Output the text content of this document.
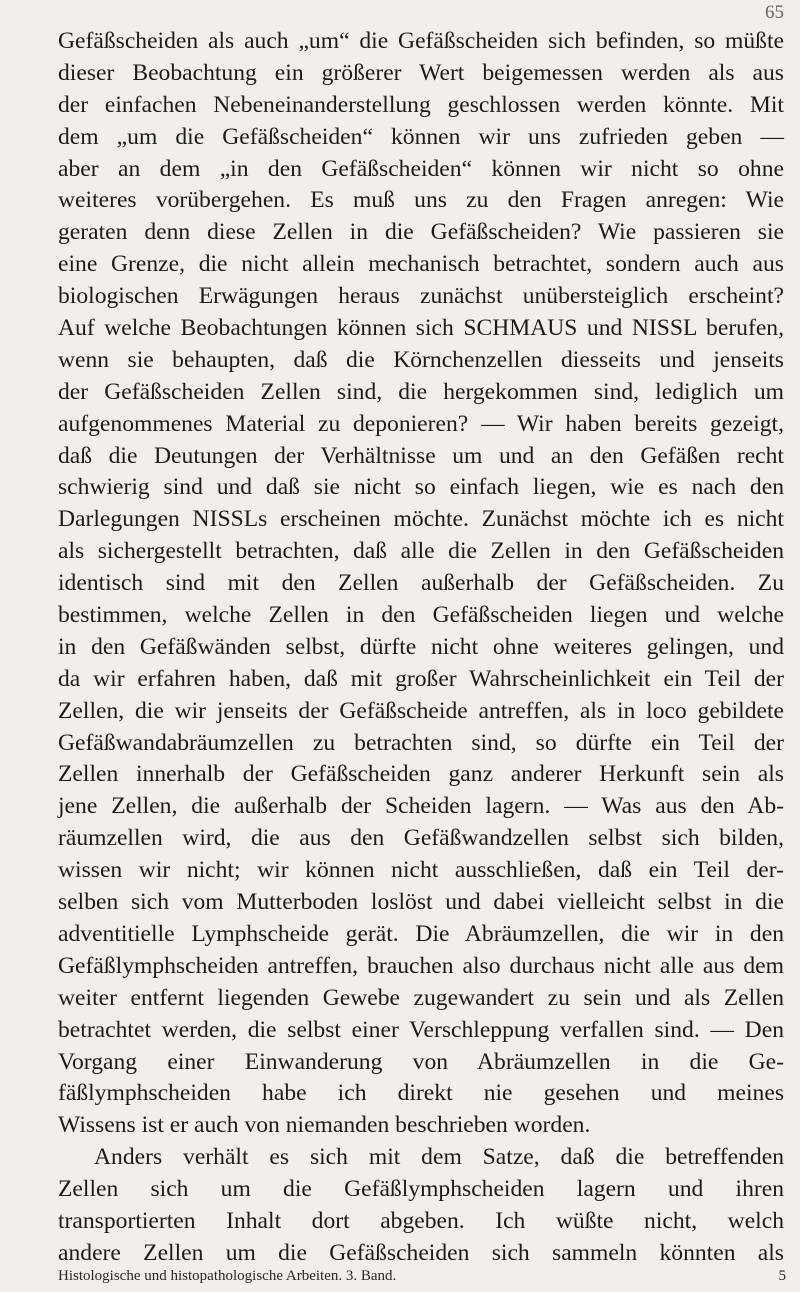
65
Gefäßscheiden als auch „um“ die Gefäßscheiden sich befinden, so müßte
dieser Beobachtung ein größerer Wert beigemessen werden als aus
der einfachen Nebeneinanderstellung geschlossen werden könnte. Mit
dem „um die Gefäßscheiden“ können wir uns zufrieden geben —
aber an dem „in den Gefäßscheiden“ können wir nicht so ohne
weiteres vorübergehen. Es muß uns zu den Fragen anregen: Wie
geraten denn diese Zellen in die Gefäßscheiden? Wie passieren sie
eine Grenze, die nicht allein mechanisch betrachtet, sondern auch aus
biologischen Erwägungen heraus zunächst unübersteiglich erscheint?
Auf welche Beobachtungen können sich SCHMAUS und NISSL berufen,
wenn sie behaupten, daß die Körnchenzellen diesseits und jenseits
der Gefäßscheiden Zellen sind, die hergekommen sind, lediglich um
aufgenommenes Material zu deponieren? — Wir haben bereits gezeigt,
daß die Deutungen der Verhältnisse um und an den Gefäßen recht
schwierig sind und daß sie nicht so einfach liegen, wie es nach den
Darlegungen NISSLs erscheinen möchte. Zunächst möchte ich es nicht
als sichergestellt betrachten, daß alle die Zellen in den Gefäßscheiden
identisch sind mit den Zellen außerhalb der Gefäßscheiden. Zu
bestimmen, welche Zellen in den Gefäßscheiden liegen und welche
in den Gefäßwänden selbst, dürfte nicht ohne weiteres gelingen, und
da wir erfahren haben, daß mit großer Wahrscheinlichkeit ein Teil der
Zellen, die wir jenseits der Gefäßscheide antreffen, als in loco gebildete
Gefäßwandabräumzellen zu betrachten sind, so dürfte ein Teil der
Zellen innerhalb der Gefäßscheiden ganz anderer Herkunft sein als
jene Zellen, die außerhalb der Scheiden lagern. — Was aus den Ab-
räumzellen wird, die aus den Gefäßwandzellen selbst sich bilden,
wissen wir nicht; wir können nicht ausschließen, daß ein Teil der-
selben sich vom Mutterboden loslöst und dabei vielleicht selbst in die
adventitielle Lymphscheide gerät. Die Abräumzellen, die wir in den
Gefäßlymphscheiden antreffen, brauchen also durchaus nicht alle aus dem
weiter entfernt liegenden Gewebe zugewandert zu sein und als Zellen
betrachtet werden, die selbst einer Verschleppung verfallen sind. — Den
Vorgang einer Einwanderung von Abräumzellen in die Ge-
fäßlymphscheiden habe ich direkt nie gesehen und meines
Wissens ist er auch von niemanden beschrieben worden.
Anders verhält es sich mit dem Satze, daß die betreffenden
Zellen sich um die Gefäßlymphscheiden lagern und ihren
transportierten Inhalt dort abgeben. Ich wüßte nicht, welch
andere Zellen um die Gefäßscheiden sich sammeln könnten als
Histologische und histopathologische Arbeiten. 3. Band.	5
